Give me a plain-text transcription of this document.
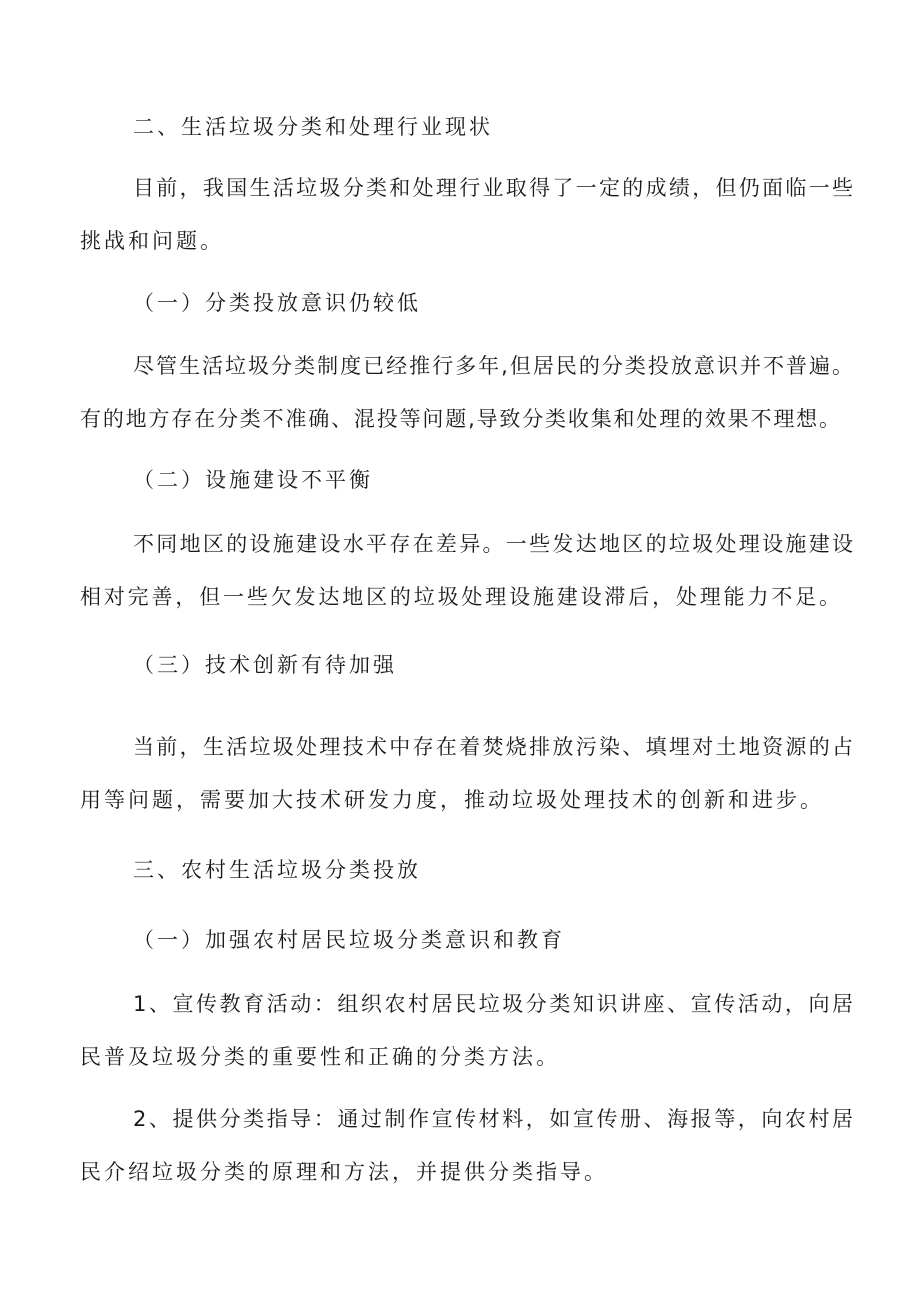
二、生活垃圾分类和处理行业现状

目前，我国生活垃圾分类和处理行业取得了一定的成绩，但仍面临一些

挑战和问题。

（一）分类投放意识仍较低

尽管生活垃圾分类制度已经推行多年,但居民的分类投放意识并不普遍。

有的地方存在分类不准确、混投等问题,导致分类收集和处理的效果不理想。

（二）设施建设不平衡

不同地区的设施建设水平存在差异。一些发达地区的垃圾处理设施建设

相对完善，但一些欠发达地区的垃圾处理设施建设滞后，处理能力不足。

（三）技术创新有待加强

当前，生活垃圾处理技术中存在着焚烧排放污染、填埋对土地资源的占

用等问题，需要加大技术研发力度，推动垃圾处理技术的创新和进步。

三、农村生活垃圾分类投放

（一）加强农村居民垃圾分类意识和教育

1、宣传教育活动：组织农村居民垃圾分类知识讲座、宣传活动，向居

民普及垃圾分类的重要性和正确的分类方法。

2、提供分类指导：通过制作宣传材料，如宣传册、海报等，向农村居

民介绍垃圾分类的原理和方法，并提供分类指导。
